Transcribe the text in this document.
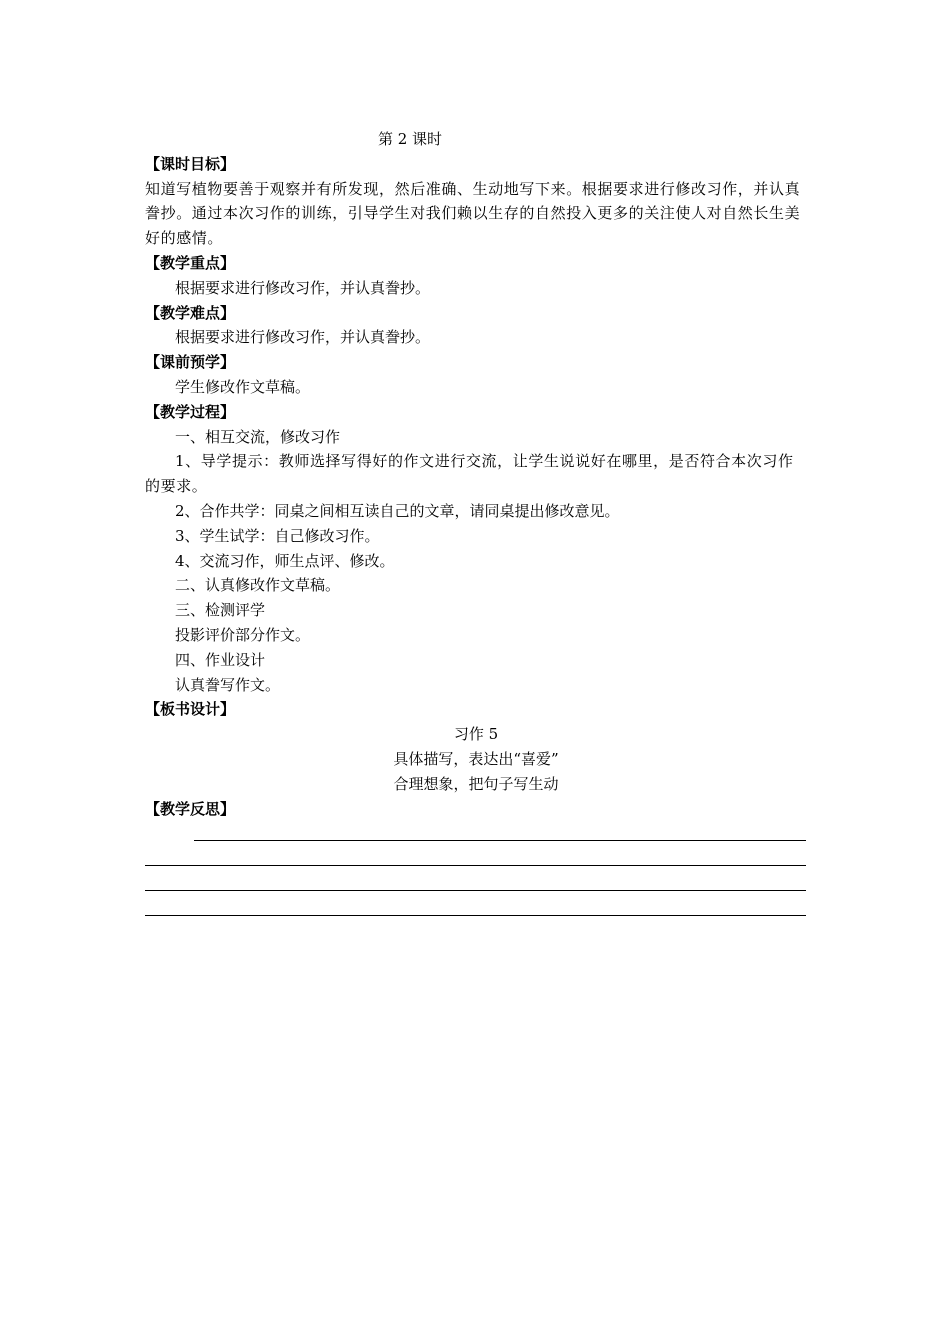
第 2 课时
【课时目标】
知道写植物要善于观察并有所发现，然后准确、生动地写下来。根据要求进行修改习作，并认真誊抄。通过本次习作的训练，引导学生对我们赖以生存的自然投入更多的关注使人对自然长生美好的感情。
【教学重点】
根据要求进行修改习作，并认真誊抄。
【教学难点】
根据要求进行修改习作，并认真誊抄。
【课前预学】
学生修改作文草稿。
【教学过程】
一、相互交流，修改习作
1、导学提示：教师选择写得好的作文进行交流，让学生说说好在哪里，是否符合本次习作的要求。
2、合作共学：同桌之间相互读自己的文章，请同桌提出修改意见。
3、学生试学：自己修改习作。
4、交流习作，师生点评、修改。
二、认真修改作文草稿。
三、检测评学
投影评价部分作文。
四、作业设计
认真誊写作文。
【板书设计】
习作 5
具体描写，表达出“喜爱”
合理想象，把句子写生动
【教学反思】
